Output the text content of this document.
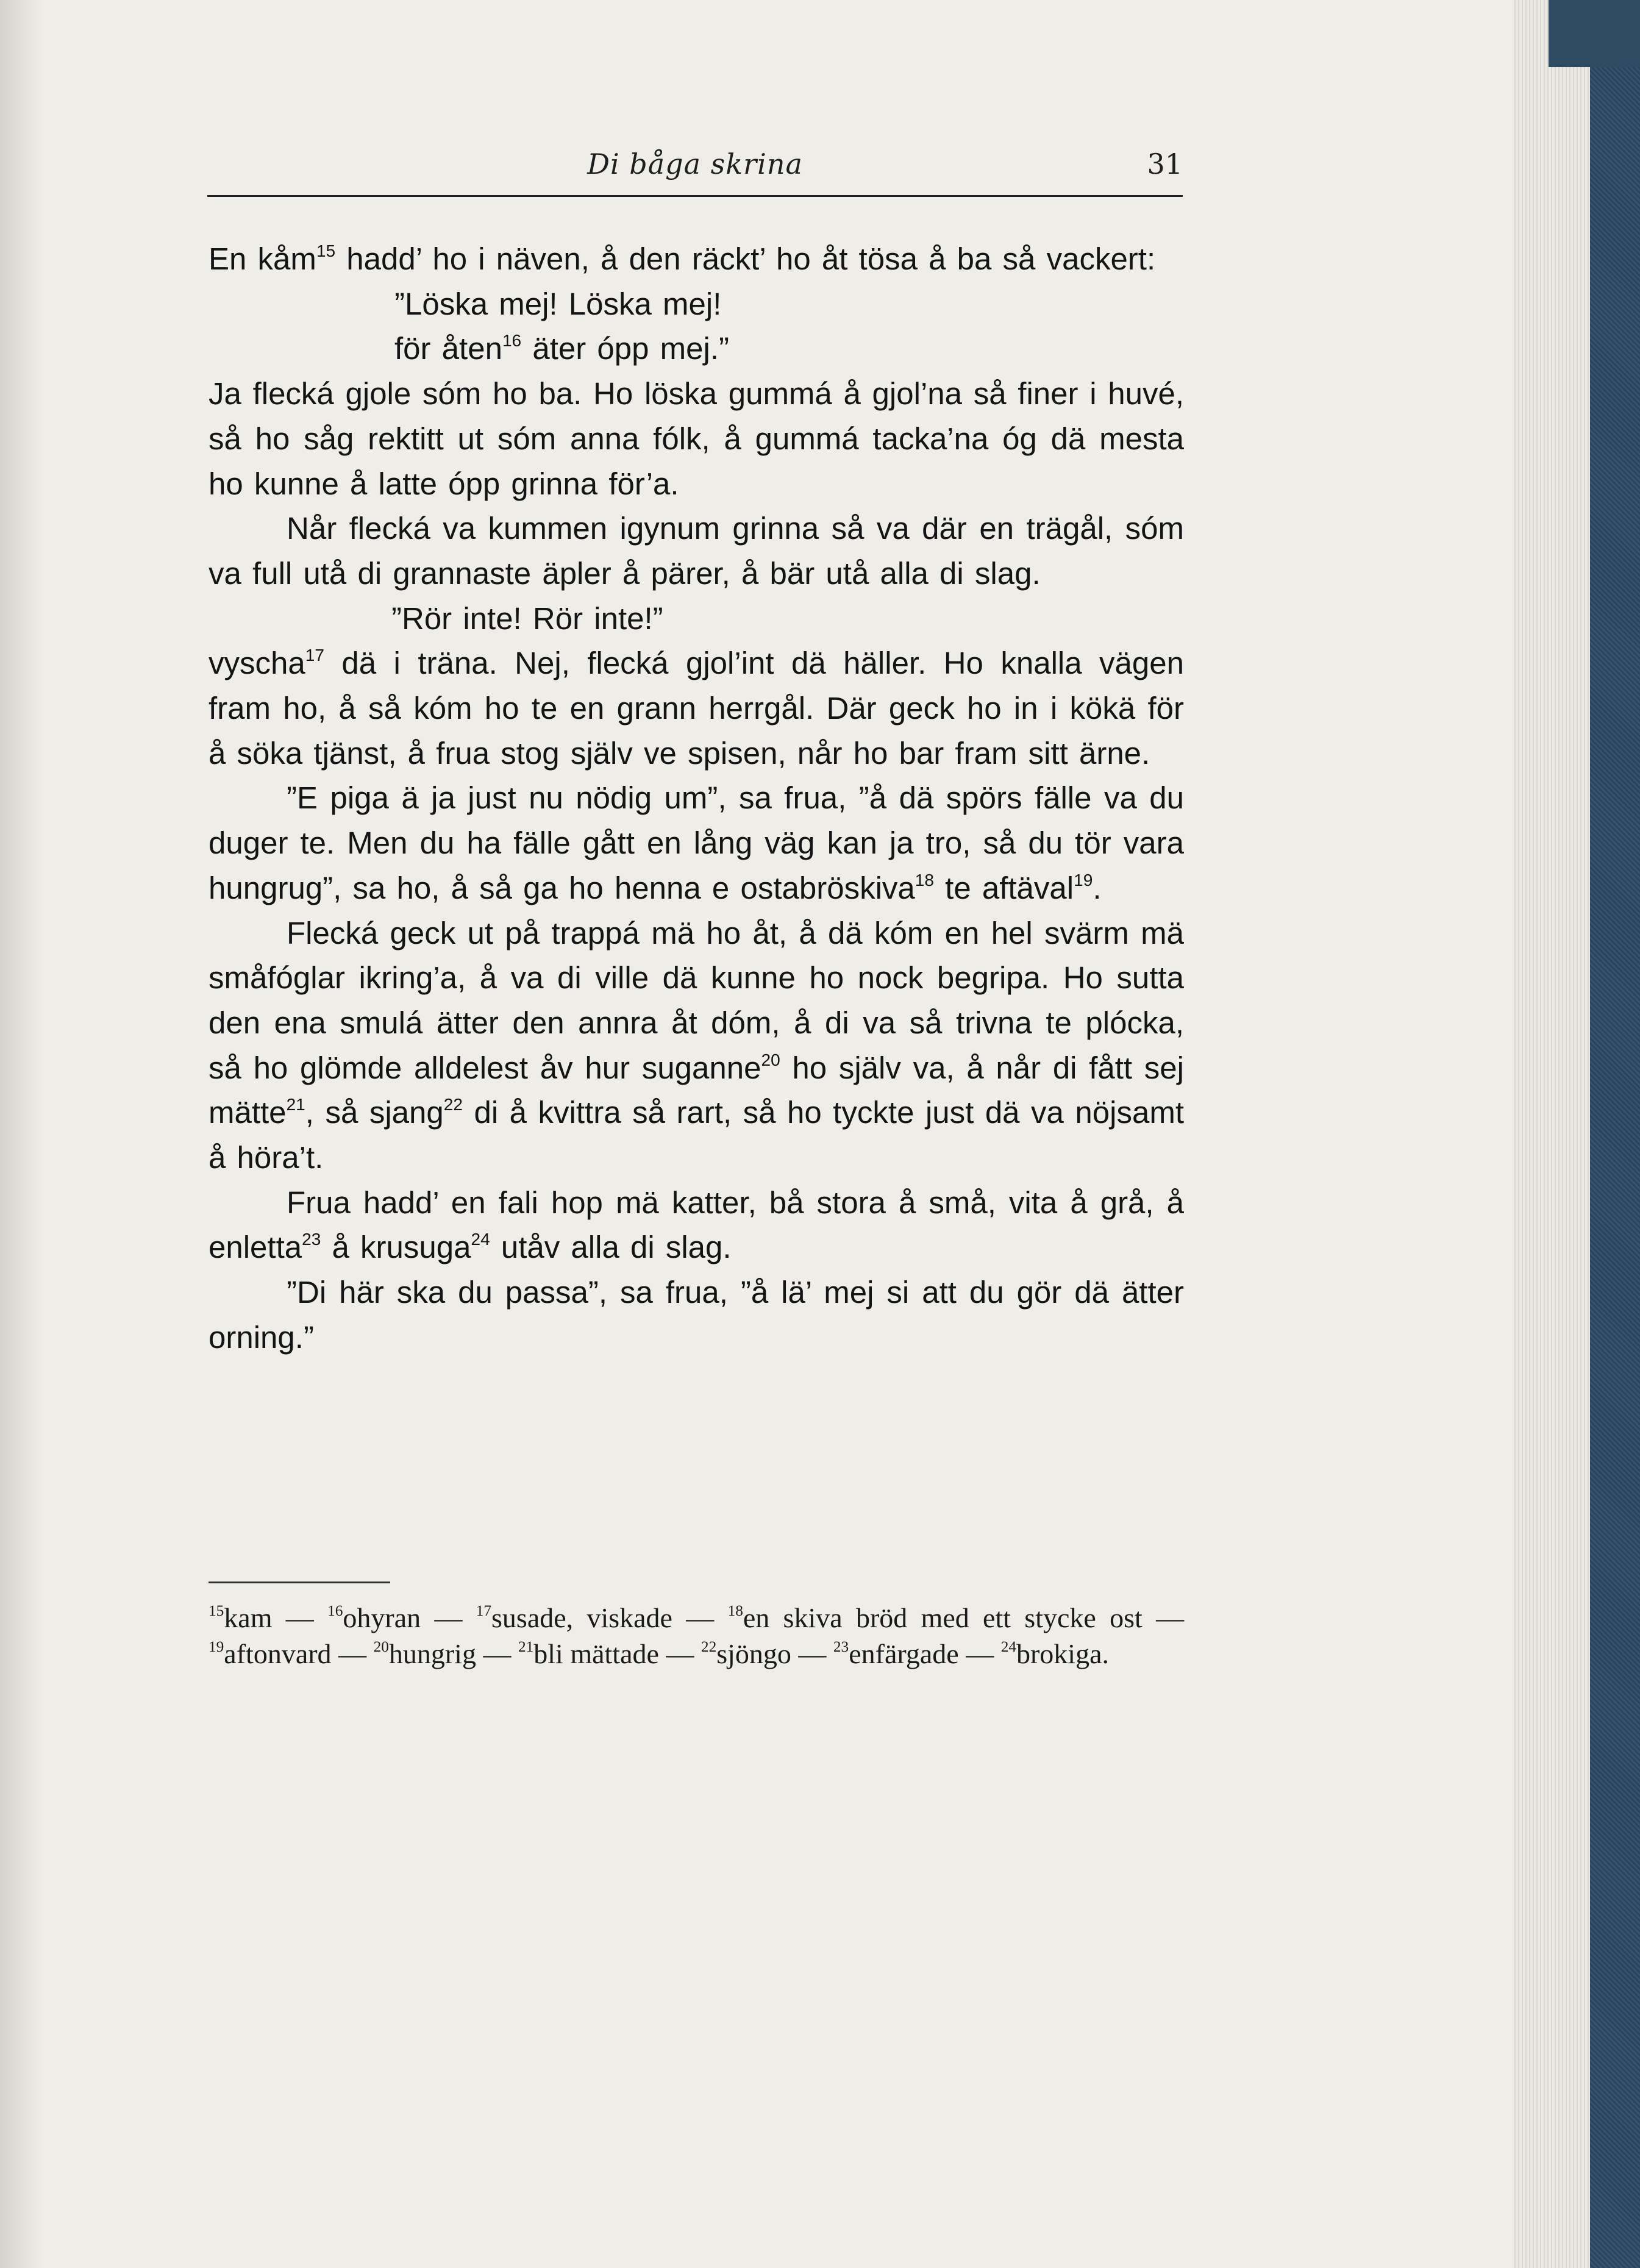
Di båga skrina	31

En kåm$^{15}$ hadd’ ho i näven, å den räckt’ ho åt tösa å ba så vackert:

”Löska mej! Löska mej!

för åten$^{16}$ äter ópp mej.”

Ja flecká gjole sóm ho ba. Ho löska gummá å gjol’na så finer i huvé, så ho såg rektitt ut sóm anna fólk, å gummá tacka’na óg dä mesta ho kunne å latte ópp grinna för’a.

Når flecká va kummen igynum grinna så va där en trägål, sóm va full utå di grannaste äpler å pärer, å bär utå alla di slag.

”Rör inte! Rör inte!”

vyscha$^{17}$ dä i träna. Nej, flecká gjol’int dä häller. Ho knalla vägen fram ho, å så kóm ho te en grann herrgål. Där geck ho in i kökä för å söka tjänst, å frua stog själv ve spisen, når ho bar fram sitt ärne.

”E piga ä ja just nu nödig um”, sa frua, ”å dä spörs fälle va du duger te. Men du ha fälle gått en lång väg kan ja tro, så du tör vara hungrug”, sa ho, å så ga ho henna e ostabröskiva$^{18}$ te aftäval$^{19}$.

Flecká geck ut på trappá mä ho åt, å dä kóm en hel svärm mä småfóglar ikring’a, å va di ville dä kunne ho nock begripa. Ho sutta den ena smulá ätter den annra åt dóm, å di va så trivna te plócka, så ho glömde alldelest åv hur suganne$^{20}$ ho själv va, å når di fått sej mätte$^{21}$, så sjang$^{22}$ di å kvittra så rart, så ho tyckte just dä va nöjsamt å höra’t.

Frua hadd’ en fali hop mä katter, bå stora å små, vita å grå, å enletta$^{23}$ å krusuga$^{24}$ utåv alla di slag.

”Di här ska du passa”, sa frua, ”å lä’ mej si att du gör dä ätter orning.”

$^{15}$kam — $^{16}$ohyran — $^{17}$susade, viskade — $^{18}$en skiva bröd med ett stycke ost — $^{19}$aftonvard — $^{20}$hungrig — $^{21}$bli mättade — $^{22}$sjöngo — $^{23}$enfärgade — $^{24}$brokiga.
